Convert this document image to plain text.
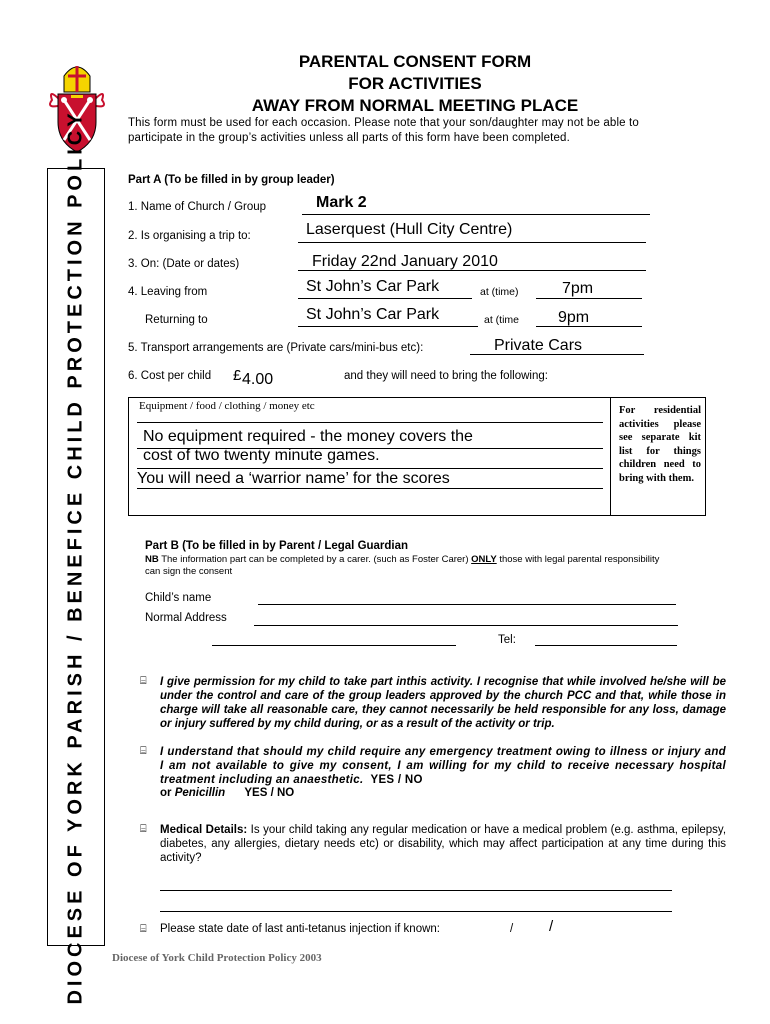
DIOCESE OF YORK PARISH / BENEFICE CHILD PROTECTION POLICY
PARENTAL CONSENT FORM
FOR ACTIVITIES
AWAY FROM NORMAL MEETING PLACE
This form must be used for each occasion. Please note that your son/daughter may not be able to
participate in the group’s activities unless all parts of this form have been completed.
Part A (To be filled in by group leader)
1. Name of Church / Group	Mark 2
2. Is organising a trip to:	Laserquest (Hull City Centre)
3. On: (Date or dates)	Friday 22nd January 2010
4. Leaving from	St John’s Car Park	at (time)	7pm
Returning to	St John’s Car Park	at (time 9pm
5. Transport arrangements are (Private cars/mini-bus etc):	Private Cars
6. Cost per child £ 4.00	and they will need to bring the following:
Equipment / food / clothing / money etc
No equipment required - the money covers the
cost of two twenty minute games.
You will need a ‘warrior name’ for the scores
For residential activities please see separate kit list for things children need to bring with them.
Part B (To be filled in by Parent / Legal Guardian
NB The information part can be completed by a carer. (such as Foster Carer) ONLY those with legal parental responsibility
can sign the consent
Child’s name
Normal Address
Tel:
⌸ I give permission for my child to take part inthis activity. I recognise that while involved he/she will be under the control and care of the group leaders approved by the church PCC and that, while those in charge will take all reasonable care, they cannot necessarily be held responsible for any loss, damage or injury suffered by my child during, or as a result of the activity or trip.
⌸ I understand that should my child require any emergency treatment owing to illness or injury and I am not available to give my consent, I am willing for my child to receive necessary hospital treatment including an anaesthetic. YES / NO
or Penicillin YES / NO
⌸ Medical Details: Is your child taking any regular medication or have a medical problem (e.g. asthma, epilepsy, diabetes, any allergies, dietary needs etc) or disability, which may affect participation at any time during this activity?
⌸ Please state date of last anti-tetanus injection if known:	/ /
Diocese of York Child Protection Policy 2003
